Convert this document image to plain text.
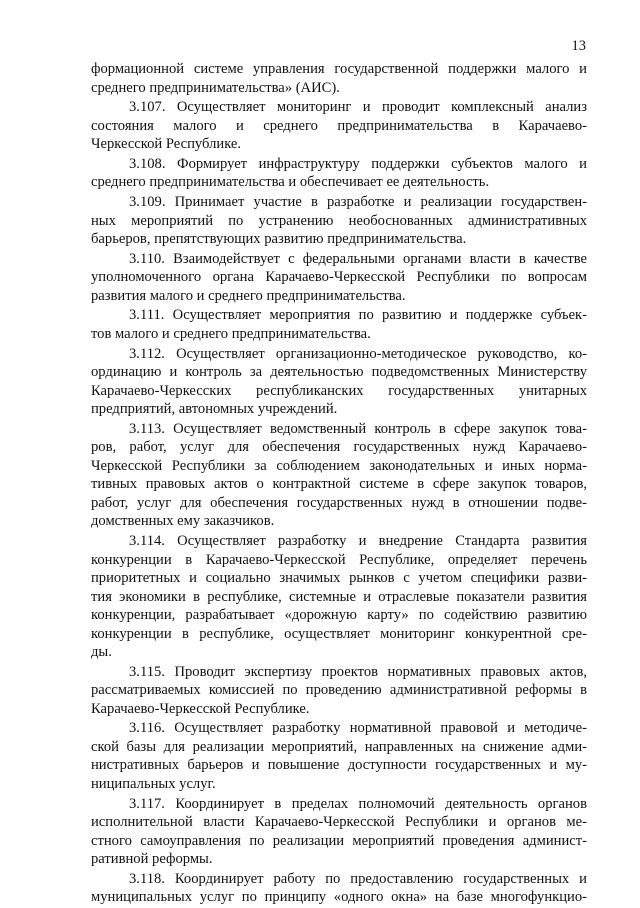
13
формационной системе управления государственной поддержки малого и
среднего предпринимательства» (АИС).
3.107. Осуществляет мониторинг и проводит комплексный анализ
состояния малого и среднего предпринимательства в Карачаево-
Черкесской Республике.
3.108. Формирует инфраструктуру поддержки субъектов малого и
среднего предпринимательства и обеспечивает ее деятельность.
3.109. Принимает участие в разработке и реализации государствен-
ных мероприятий по устранению необоснованных административных
барьеров, препятствующих развитию предпринимательства.
3.110. Взаимодействует с федеральными органами власти в качестве
уполномоченного органа Карачаево-Черкесской Республики по вопросам
развития малого и среднего предпринимательства.
3.111. Осуществляет мероприятия по развитию и поддержке субъек-
тов малого и среднего предпринимательства.
3.112. Осуществляет организационно-методическое руководство, ко-
ординацию и контроль за деятельностью подведомственных Министерству
Карачаево-Черкесских республиканских государственных унитарных
предприятий, автономных учреждений.
3.113. Осуществляет ведомственный контроль в сфере закупок това-
ров, работ, услуг для обеспечения государственных нужд Карачаево-
Черкесской Республики за соблюдением законодательных и иных норма-
тивных правовых актов о контрактной системе в сфере закупок товаров,
работ, услуг для обеспечения государственных нужд в отношении подве-
домственных ему заказчиков.
3.114. Осуществляет разработку и внедрение Стандарта развития
конкуренции в Карачаево-Черкесской Республике, определяет перечень
приоритетных и социально значимых рынков с учетом специфики разви-
тия экономики в республике, системные и отраслевые показатели развития
конкуренции, разрабатывает «дорожную карту» по содействию развитию
конкуренции в республике, осуществляет мониторинг конкурентной сре-
ды.
3.115. Проводит экспертизу проектов нормативных правовых актов,
рассматриваемых комиссией по проведению административной реформы в
Карачаево-Черкесской Республике.
3.116. Осуществляет разработку нормативной правовой и методиче-
ской базы для реализации мероприятий, направленных на снижение адми-
нистративных барьеров и повышение доступности государственных и му-
ниципальных услуг.
3.117. Координирует в пределах полномочий деятельность органов
исполнительной власти Карачаево-Черкесской Республики и органов ме-
стного самоуправления по реализации мероприятий проведения админист-
ративной реформы.
3.118. Координирует работу по предоставлению государственных и
муниципальных услуг по принципу «одного окна» на базе многофункцио-
